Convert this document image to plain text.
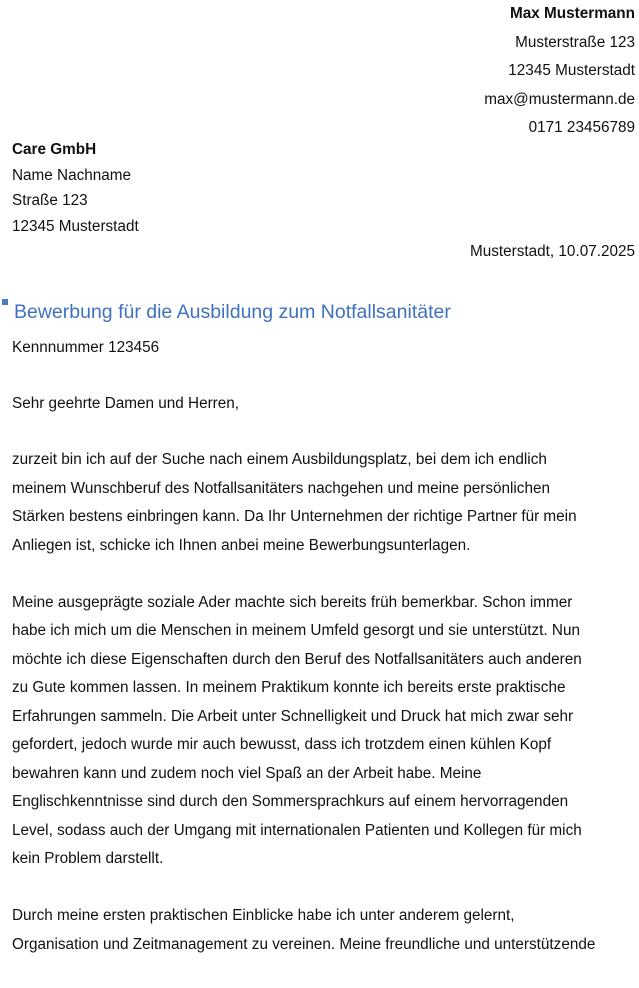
Max Mustermann
Musterstraße 123
12345 Musterstadt
max@mustermann.de
0171 23456789
Care GmbH
Name Nachname
Straße 123
12345 Musterstadt
Musterstadt, 10.07.2025
Bewerbung für die Ausbildung zum Notfallsanitäter
Kennnummer 123456
Sehr geehrte Damen und Herren,

zurzeit bin ich auf der Suche nach einem Ausbildungsplatz, bei dem ich endlich
meinem Wunschberuf des Notfallsanitäters nachgehen und meine persönlichen
Stärken bestens einbringen kann. Da Ihr Unternehmen der richtige Partner für mein
Anliegen ist, schicke ich Ihnen anbei meine Bewerbungsunterlagen.

Meine ausgeprägte soziale Ader machte sich bereits früh bemerkbar. Schon immer
habe ich mich um die Menschen in meinem Umfeld gesorgt und sie unterstützt. Nun
möchte ich diese Eigenschaften durch den Beruf des Notfallsanitäters auch anderen
zu Gute kommen lassen. In meinem Praktikum konnte ich bereits erste praktische
Erfahrungen sammeln. Die Arbeit unter Schnelligkeit und Druck hat mich zwar sehr
gefordert, jedoch wurde mir auch bewusst, dass ich trotzdem einen kühlen Kopf
bewahren kann und zudem noch viel Spaß an der Arbeit habe. Meine
Englischkenntnisse sind durch den Sommersprachkurs auf einem hervorragenden
Level, sodass auch der Umgang mit internationalen Patienten und Kollegen für mich
kein Problem darstellt.

Durch meine ersten praktischen Einblicke habe ich unter anderem gelernt,
Organisation und Zeitmanagement zu vereinen. Meine freundliche und unterstützende
